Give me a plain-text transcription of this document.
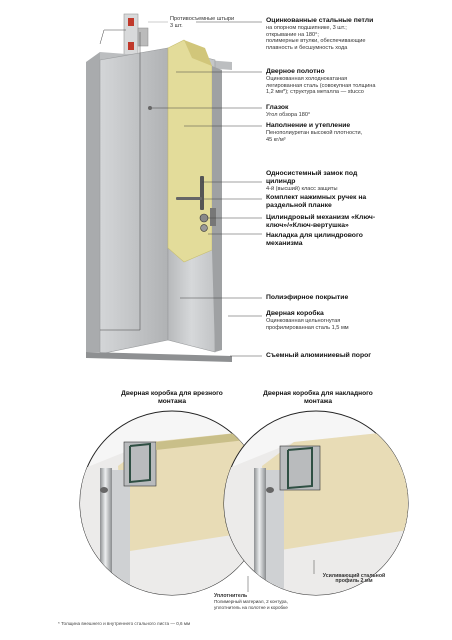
Противосъемные штыри
3 шт.
Оцинкованные стальные петли
на опорном подшипнике, 3 шт.;
открывание на 180°;
полимерные втулки, обеспечивающие
плавность и бесшумность хода
Дверное полотно
Оцинкованная холоднокатаная
легированная сталь (совокупная толщина
1,2 мм*); структура металла — stucco
Глазок
Угол обзора 180°
Наполнение и утепление
Пенополиуретан высокой плотности,
45 кг/м³
Односистемный замок под цилиндр
4-й (высший) класс защиты
Комплект нажимных ручек на раздельной планке
Цилиндровый механизм «Ключ-ключ»/«Ключ-вертушка»
Накладка для цилиндрового механизма
Полиэфирное покрытие
Дверная коробка
Оцинкованная цельногнутая
профилированная сталь 1,5 мм
Съемный алюминиевый порог
Дверная коробка для врезного монтажа
Дверная коробка для накладного монтажа
Уплотнитель
Полимерный материал, 2 контура,
уплотнитель на полотне и коробке
Усиливающий стальной профиль 2 мм
* Толщина внешнего и внутреннего стального листа — 0,6 мм
